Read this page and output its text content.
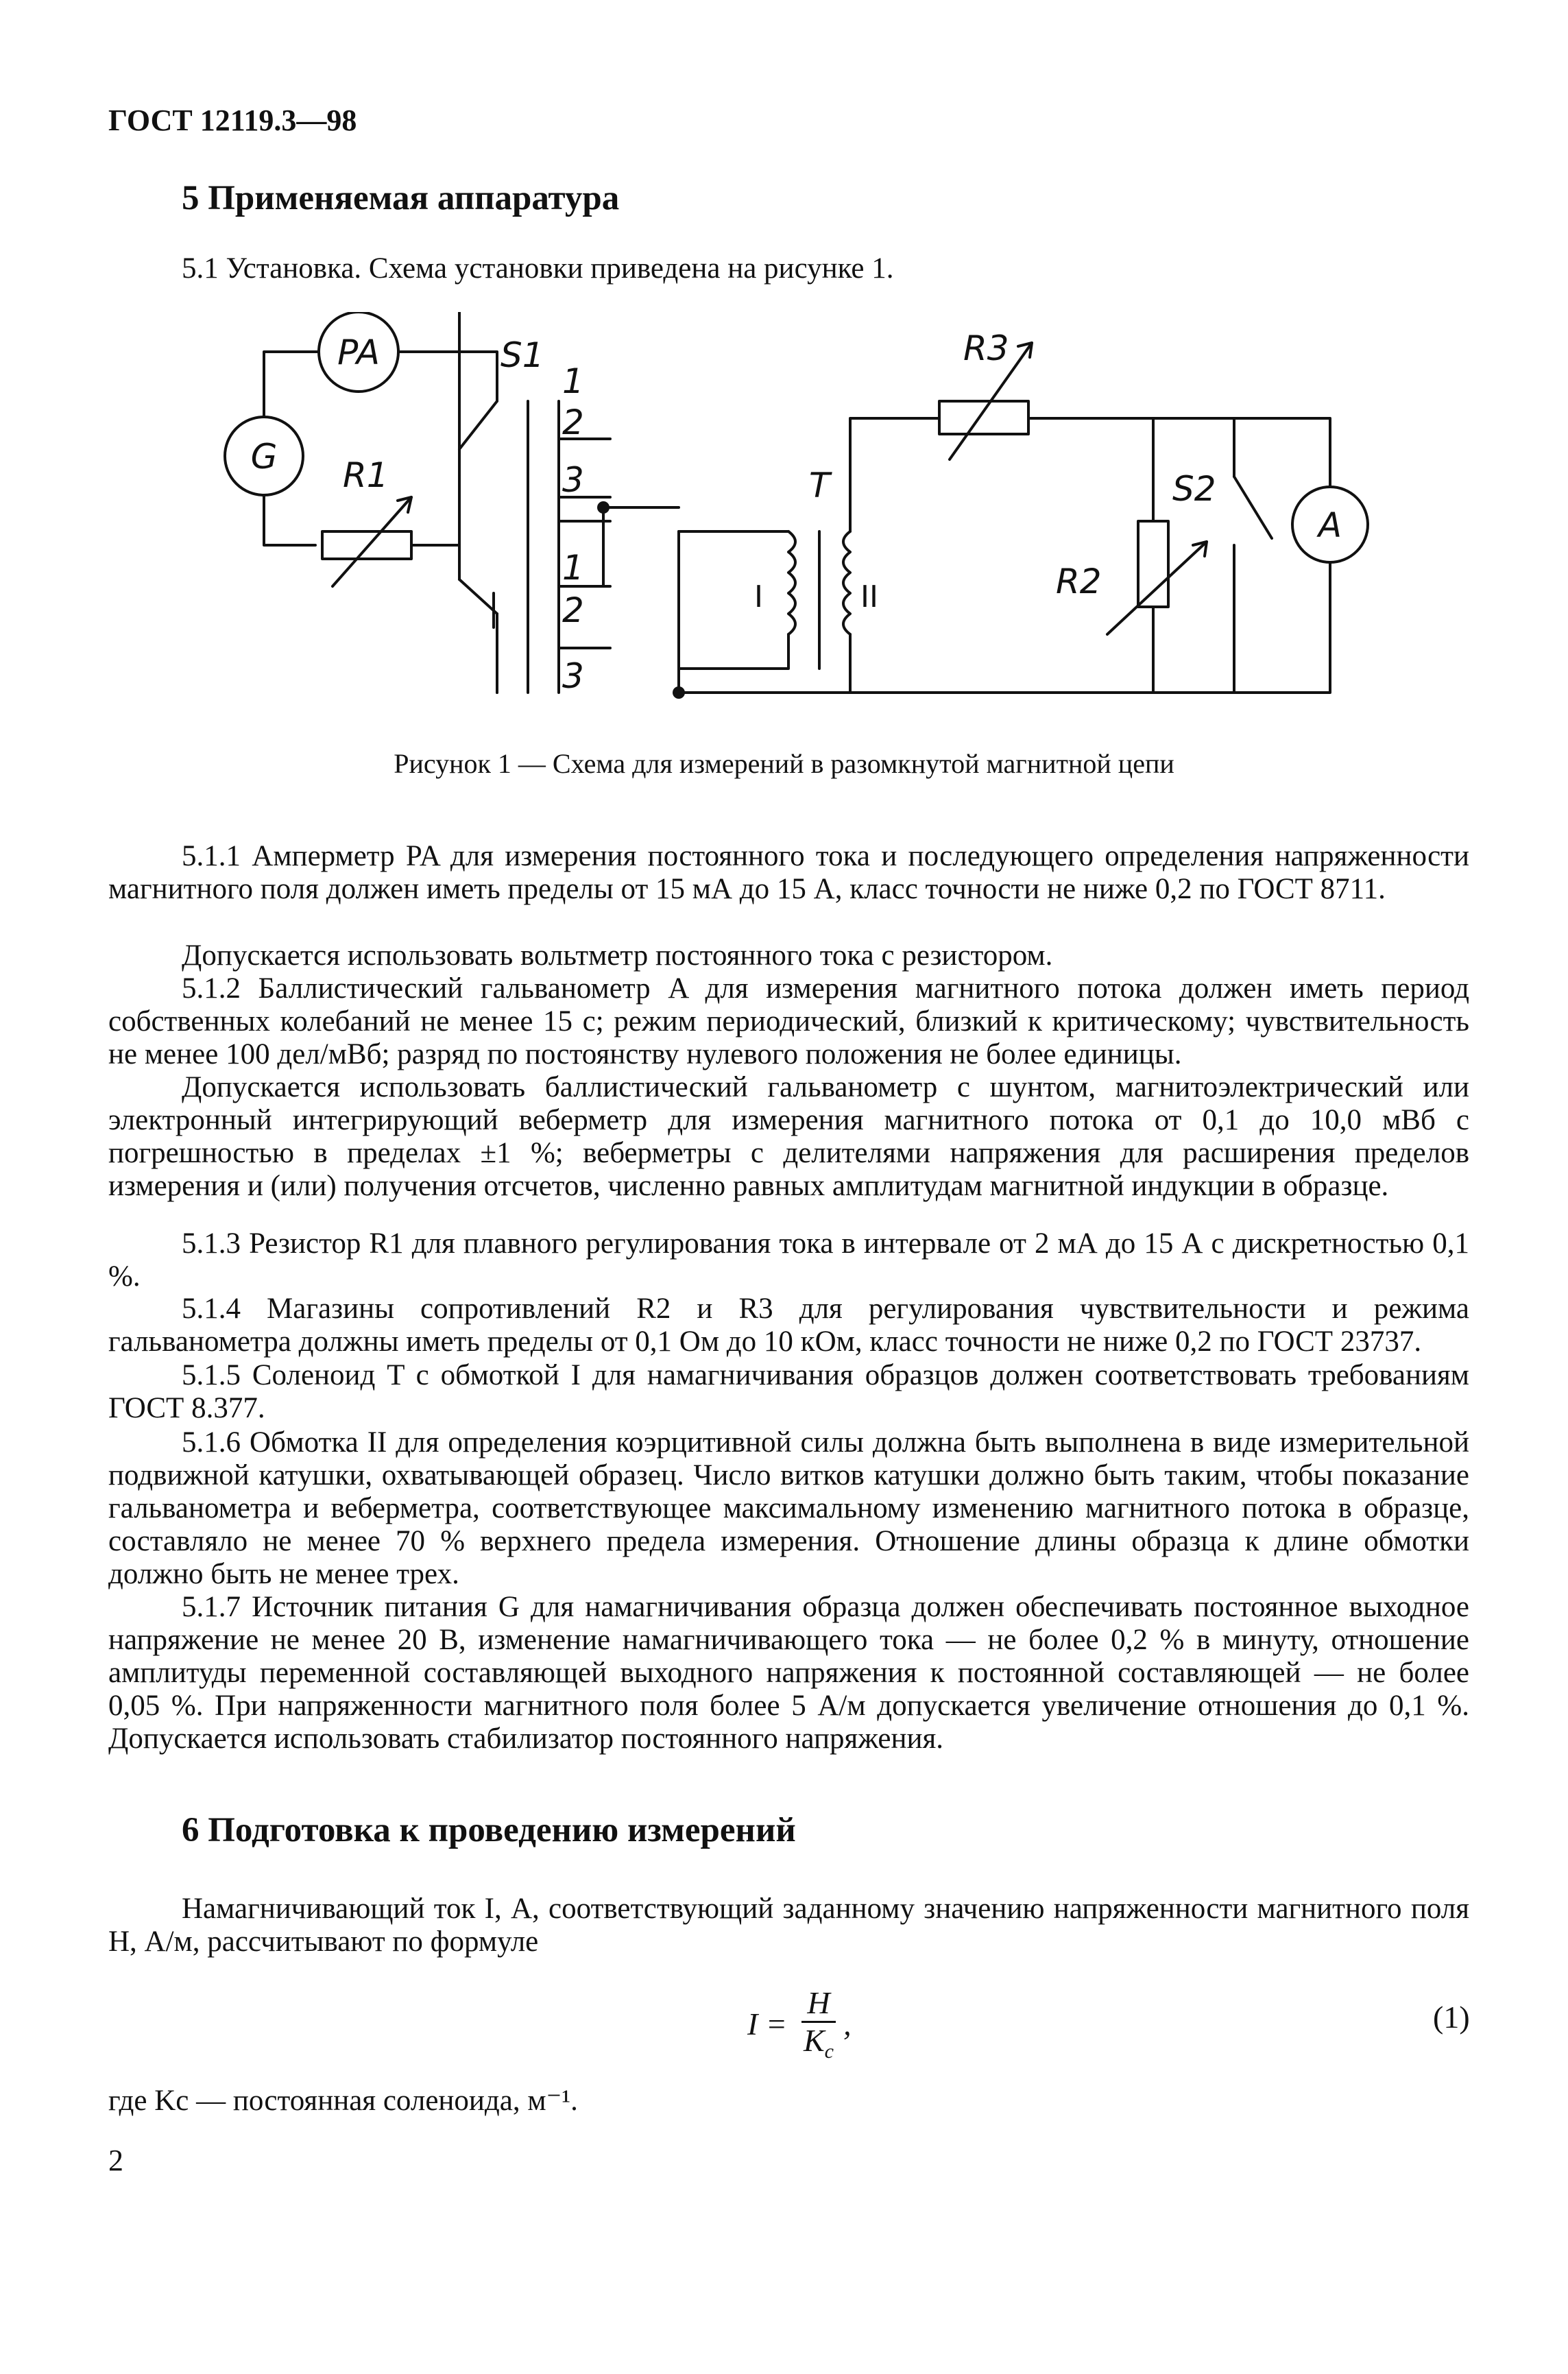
ГОСТ 12119.3—98
5 Применяемая аппаратура
5.1 Установка. Схема установки приведена на рисунке 1.
PA
G
S1
R1
R3
R2
S2
A
T
1
2
3
1
2
3
I	II
Рисунок 1 — Схема для измерений в разомкнутой магнитной цепи
5.1.1 Амперметр PA для измерения постоянного тока и последующего определения напряженности магнитного поля должен иметь пределы от 15 мА до 15 А, класс точности не ниже 0,2 по ГОСТ 8711.
Допускается использовать вольтметр постоянного тока с резистором.
5.1.2 Баллистический гальванометр A для измерения магнитного потока должен иметь период собственных колебаний не менее 15 с; режим периодический, близкий к критическому; чувствительность не менее 100 дел/мВб; разряд по постоянству нулевого положения не более единицы.
Допускается использовать баллистический гальванометр с шунтом, магнитоэлектрический или электронный интегрирующий веберметр для измерения магнитного потока от 0,1 до 10,0 мВб с погрешностью в пределах ±1 %; веберметры с делителями напряжения для расширения пределов измерения и (или) получения отсчетов, численно равных амплитудам магнитной индукции в образце.
5.1.3 Резистор R1 для плавного регулирования тока в интервале от 2 мА до 15 А с дискретностью 0,1 %.
5.1.4 Магазины сопротивлений R2 и R3 для регулирования чувствительности и режима гальванометра должны иметь пределы от 0,1 Ом до 10 кОм, класс точности не ниже 0,2 по ГОСТ 23737.
5.1.5 Соленоид T с обмоткой I для намагничивания образцов должен соответствовать требованиям ГОСТ 8.377.
5.1.6 Обмотка II для определения коэрцитивной силы должна быть выполнена в виде измерительной подвижной катушки, охватывающей образец. Число витков катушки должно быть таким, чтобы показание гальванометра и веберметра, соответствующее максимальному изменению магнитного потока в образце, составляло не менее 70 % верхнего предела измерения. Отношение длины образца к длине обмотки должно быть не менее трех.
5.1.7 Источник питания G для намагничивания образца должен обеспечивать постоянное выходное напряжение не менее 20 В, изменение намагничивающего тока — не более 0,2 % в минуту, отношение амплитуды переменной составляющей выходного напряжения к постоянной составляющей — не более 0,05 %. При напряженности магнитного поля более 5 А/м допускается увеличение отношения до 0,1 %. Допускается использовать стабилизатор постоянного напряжения.
6 Подготовка к проведению измерений
Намагничивающий ток I, А, соответствующий заданному значению напряженности магнитного поля H, А/м, рассчитывают по формуле
$I = \frac{H}{K_c}$ ,	(1)
где Kc — постоянная соленоида, м⁻¹.
2
